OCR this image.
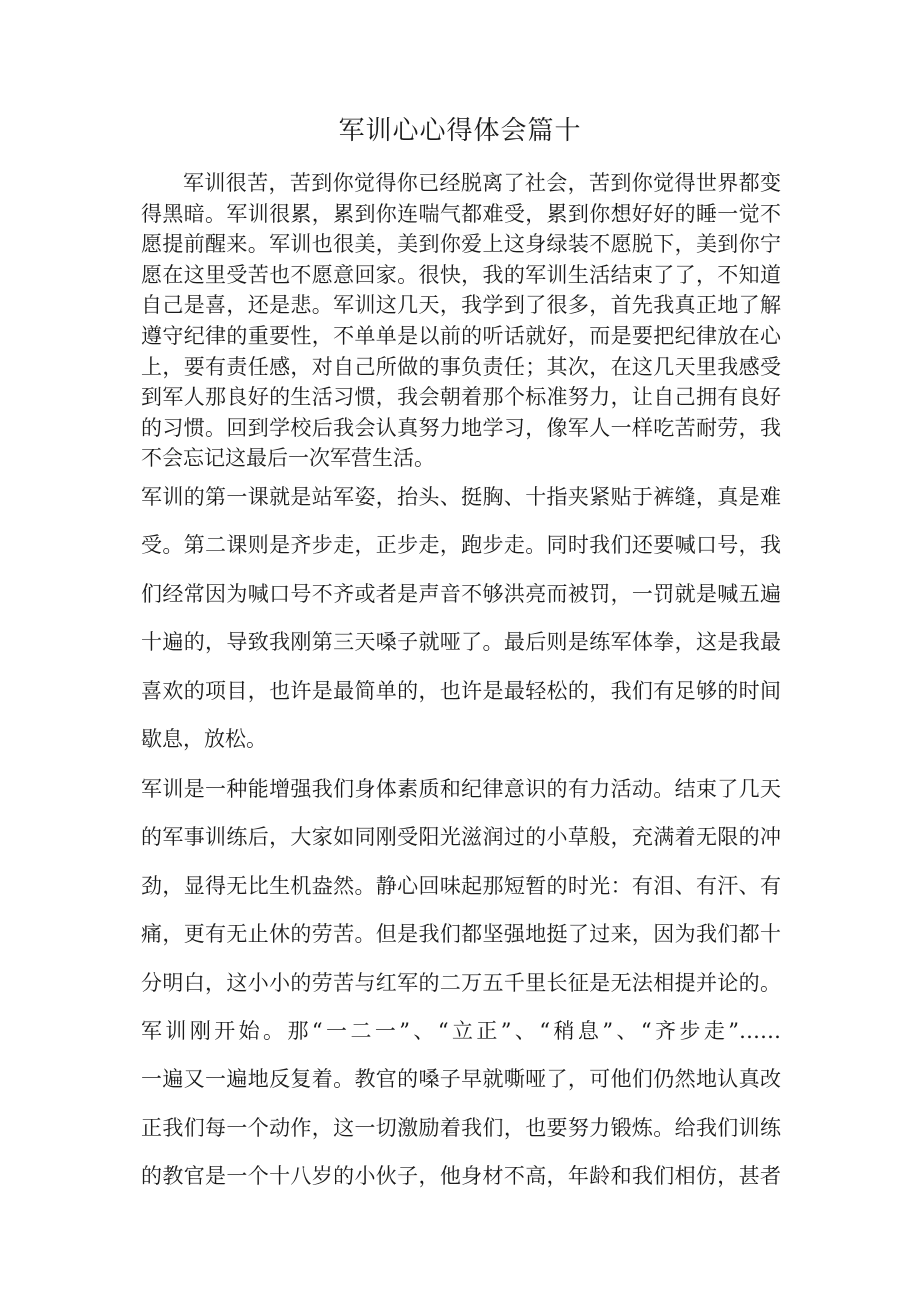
军训心心得体会篇十
军训很苦，苦到你觉得你已经脱离了社会，苦到你觉得世界都变
得黑暗。军训很累，累到你连喘气都难受，累到你想好好的睡一觉不
愿提前醒来。军训也很美，美到你爱上这身绿装不愿脱下，美到你宁
愿在这里受苦也不愿意回家。很快，我的军训生活结束了了，不知道
自己是喜，还是悲。军训这几天，我学到了很多，首先我真正地了解
遵守纪律的重要性，不单单是以前的听话就好，而是要把纪律放在心
上，要有责任感，对自己所做的事负责任；其次，在这几天里我感受
到军人那良好的生活习惯，我会朝着那个标准努力，让自己拥有良好
的习惯。回到学校后我会认真努力地学习，像军人一样吃苦耐劳，我
不会忘记这最后一次军营生活。
军训的第一课就是站军姿，抬头、挺胸、十指夹紧贴于裤缝，真是难
受。第二课则是齐步走，正步走，跑步走。同时我们还要喊口号，我
们经常因为喊口号不齐或者是声音不够洪亮而被罚，一罚就是喊五遍
十遍的，导致我刚第三天嗓子就哑了。最后则是练军体拳，这是我最
喜欢的项目，也许是最简单的，也许是最轻松的，我们有足够的时间
歇息，放松。
军训是一种能增强我们身体素质和纪律意识的有力活动。结束了几天
的军事训练后，大家如同刚受阳光滋润过的小草般，充满着无限的冲
劲，显得无比生机盎然。静心回味起那短暂的时光：有泪、有汗、有
痛，更有无止休的劳苦。但是我们都坚强地挺了过来，因为我们都十
分明白，这小小的劳苦与红军的二万五千里长征是无法相提并论的。
军训刚开始。那“一二一”、“立正”、“稍息”、“齐步走”……
一遍又一遍地反复着。教官的嗓子早就嘶哑了，可他们仍然地认真改
正我们每一个动作，这一切激励着我们，也要努力锻炼。给我们训练
的教官是一个十八岁的小伙子，他身材不高，年龄和我们相仿，甚者
